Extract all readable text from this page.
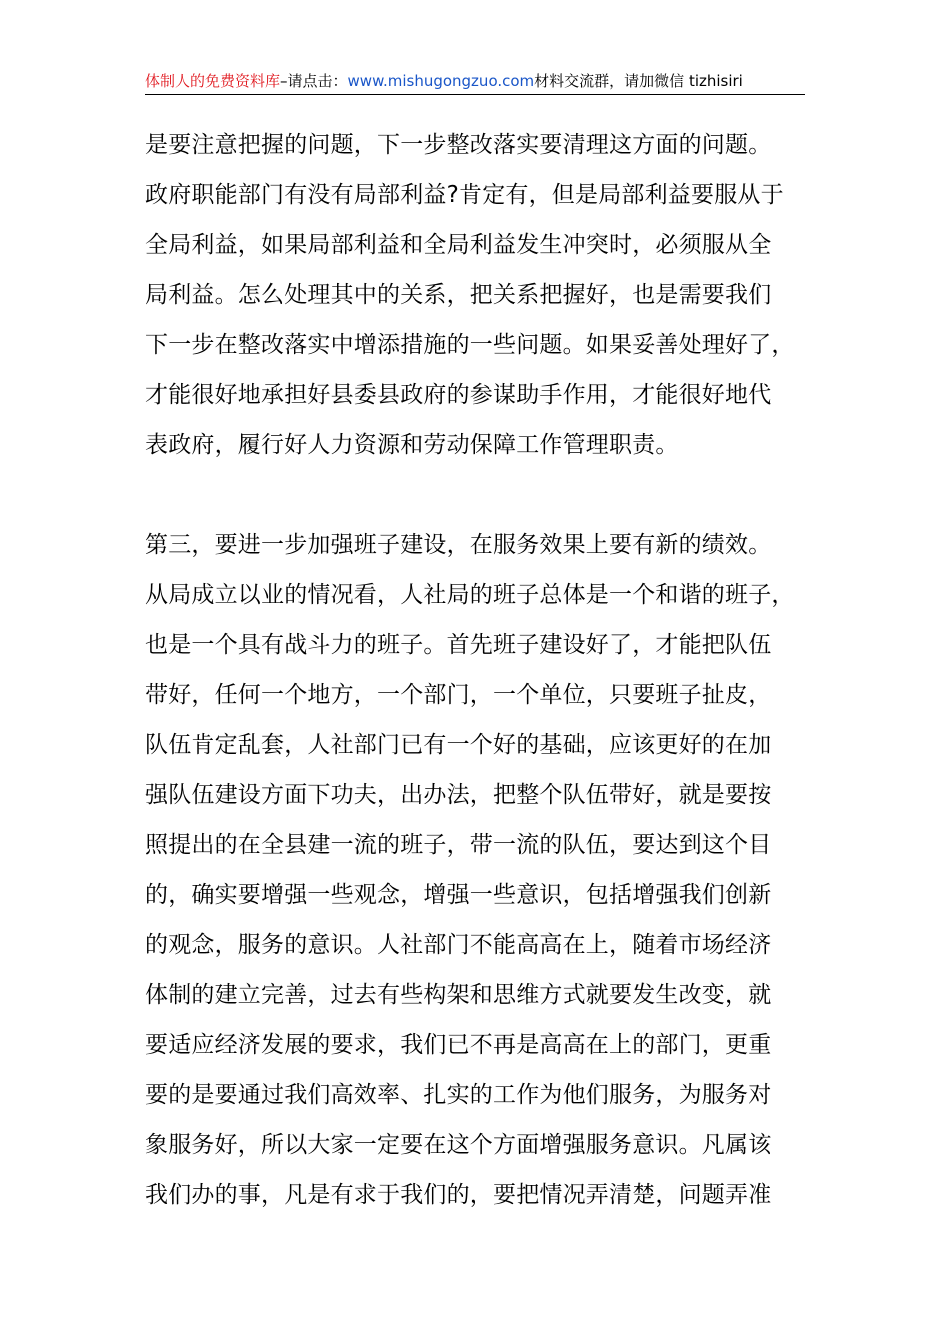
体制人的免费资料库–请点击：www.mishugongzuo.com材料交流群，请加微信 tizhisiri
是要注意把握的问题，下一步整改落实要清理这方面的问题。
政府职能部门有没有局部利益?肯定有，但是局部利益要服从于
全局利益，如果局部利益和全局利益发生冲突时，必须服从全
局利益。怎么处理其中的关系，把关系把握好，也是需要我们
下一步在整改落实中增添措施的一些问题。如果妥善处理好了，
才能很好地承担好县委县政府的参谋助手作用，才能很好地代
表政府，履行好人力资源和劳动保障工作管理职责。
第三，要进一步加强班子建设，在服务效果上要有新的绩效。
从局成立以业的情况看，人社局的班子总体是一个和谐的班子，
也是一个具有战斗力的班子。首先班子建设好了，才能把队伍
带好，任何一个地方，一个部门，一个单位，只要班子扯皮，
队伍肯定乱套，人社部门已有一个好的基础，应该更好的在加
强队伍建设方面下功夫，出办法，把整个队伍带好，就是要按
照提出的在全县建一流的班子，带一流的队伍，要达到这个目
的，确实要增强一些观念，增强一些意识，包括增强我们创新
的观念，服务的意识。人社部门不能高高在上，随着市场经济
体制的建立完善，过去有些构架和思维方式就要发生改变，就
要适应经济发展的要求，我们已不再是高高在上的部门，更重
要的是要通过我们高效率、扎实的工作为他们服务，为服务对
象服务好，所以大家一定要在这个方面增强服务意识。凡属该
我们办的事，凡是有求于我们的，要把情况弄清楚，问题弄准
